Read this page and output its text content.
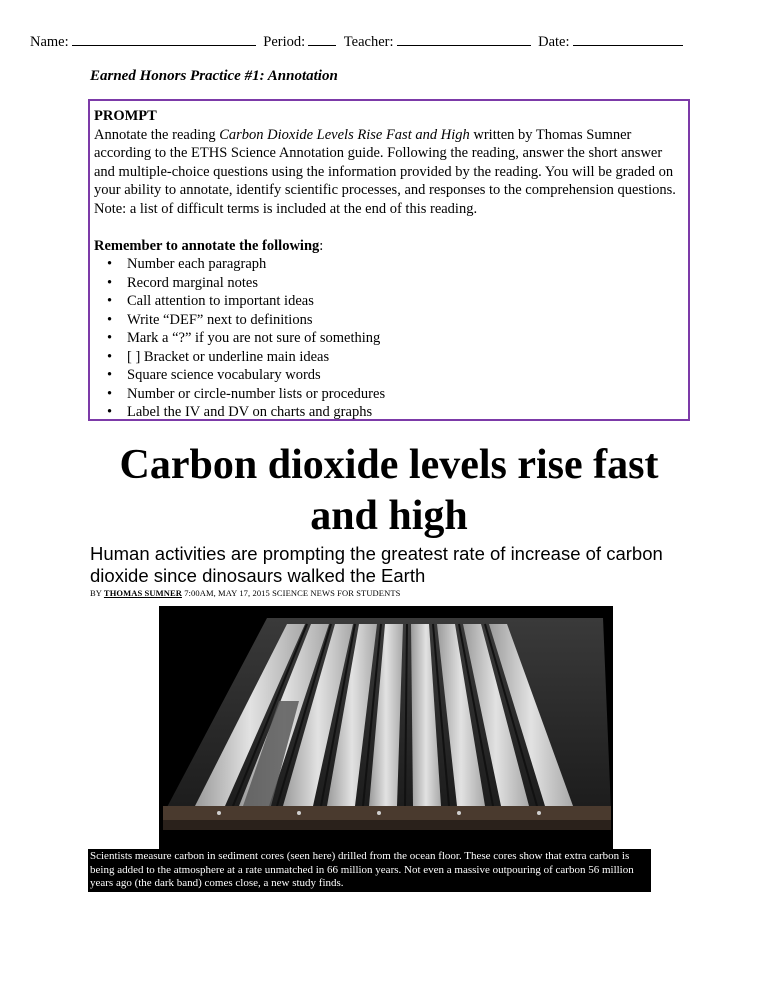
Name:	Period:	Teacher:	Date:
Earned Honors Practice #1: Annotation
PROMPT
Annotate the reading Carbon Dioxide Levels Rise Fast and High written by Thomas Sumner according to the ETHS Science Annotation guide. Following the reading, answer the short answer and multiple-choice questions using the information provided by the reading. You will be graded on your ability to annotate, identify scientific processes, and responses to the comprehension questions. Note: a list of difficult terms is included at the end of this reading.
Remember to annotate the following:
• Number each paragraph
• Record marginal notes
• Call attention to important ideas
• Write “DEF” next to definitions
• Mark a “?” if you are not sure of something
• [ ] Bracket or underline main ideas
• Square science vocabulary words
• Number or circle-number lists or procedures
• Label the IV and DV on charts and graphs
Carbon dioxide levels rise fast and high
Human activities are prompting the greatest rate of increase of carbon dioxide since dinosaurs walked the Earth
BY THOMAS SUMNER 7:00AM, MAY 17, 2015 SCIENCE NEWS FOR STUDENTS
Scientists measure carbon in sediment cores (seen here) drilled from the ocean floor. These cores show that extra carbon is being added to the atmosphere at a rate unmatched in 66 million years. Not even a massive outpouring of carbon 56 million years ago (the dark band) comes close, a new study finds.
